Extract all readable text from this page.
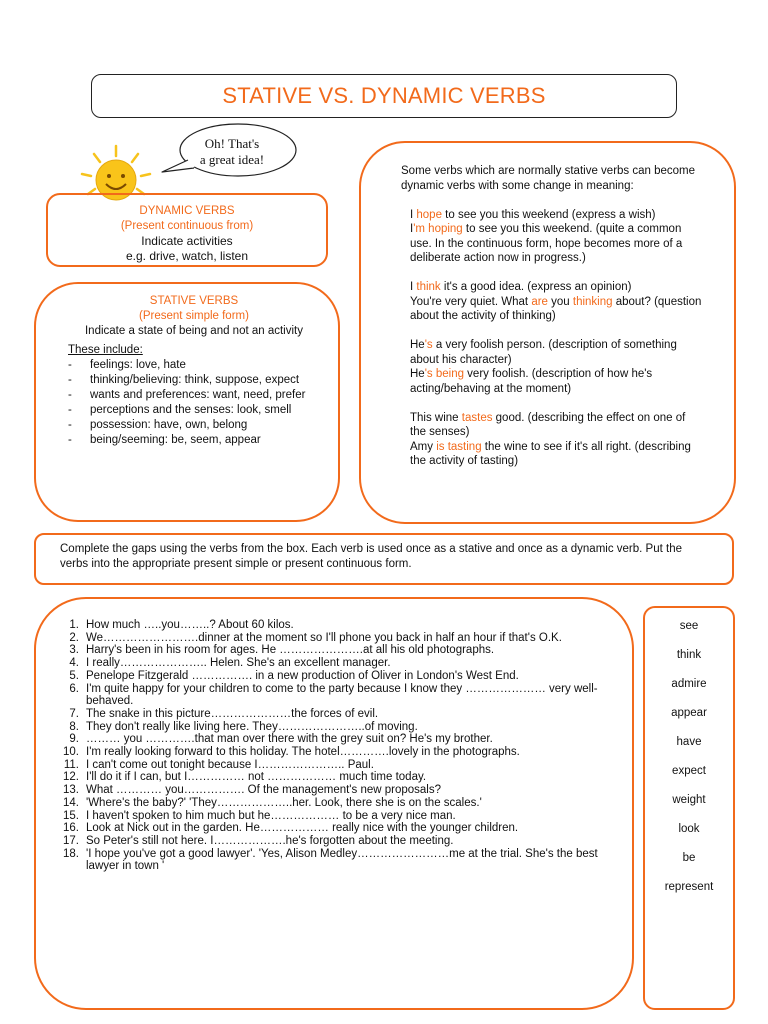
STATIVE VS. DYNAMIC VERBS
Oh! That's
a great idea!
DYNAMIC VERBS
(Present continuous from)
Indicate activities
e.g. drive, watch, listen
STATIVE VERBS
(Present simple form)
Indicate a state of being and not an activity
These include:
- feelings: love, hate
- thinking/believing: think, suppose, expect
- wants and preferences: want, need, prefer
- perceptions and the senses: look, smell
- possession: have, own, belong
- being/seeming: be, seem, appear

Some verbs which are normally stative verbs can become dynamic verbs with some change in meaning:

I hope to see you this weekend (express a wish)

I'm hoping to see you this weekend. (quite a common use. In the continuous form, hope becomes more of a deliberate action now in progress.)

I think it's a good idea. (express an opinion)

You're very quiet. What are you thinking about? (question about the activity of thinking)

He's a very foolish person. (description of something about his character)

He's being very foolish. (description of how he's acting/behaving at the moment)

This wine tastes good. (describing the effect on one of the senses)

Amy is tasting the wine to see if it's all right. (describing the activity of tasting)

Complete the gaps using the verbs from the box. Each verb is used once as a stative and once as a dynamic verb. Put the verbs into the appropriate present simple or present continuous form.
1. How much …..you……..? About 60 kilos.
2. We…………………….dinner at the moment so I'll phone you back in half an hour if that's O.K.
3. Harry's been in his room for ages. He ………………….at all his old photographs.
4. I really………………….. Helen. She's an excellent manager.
5. Penelope Fitzgerald ……………. in a new production of Oliver in London's West End.
6. I'm quite happy for your children to come to the party because I know they ………………… very well-behaved.
7. The snake in this picture…………………the forces of evil.
8. They don't really like living here. They…………………..of moving.
9. ……… you ………….that man over there with the grey suit on? He's my brother.
10. I'm really looking forward to this holiday. The hotel………….lovely in the photographs.
11. I can't come out tonight because I………………….. Paul.
12. I'll do it if I can, but I…………… not ……………… much time today.
13. What ………… you……………. Of the management's new proposals?
14. 'Where's the baby?' 'They………………..her. Look, there she is on the scales.'
15. I haven't spoken to him much but he……………… to be a very nice man.
16. Look at Nick out in the garden. He……………… really nice with the younger children.
17. So Peter's still not here. I……………….he's forgotten about the meeting.
18. 'I hope you've got a good lawyer'. 'Yes, Alison Medley……………………me at the trial. She's the best lawyer in town '
see
think
admire
appear
have
expect
weight
look
be
represent
